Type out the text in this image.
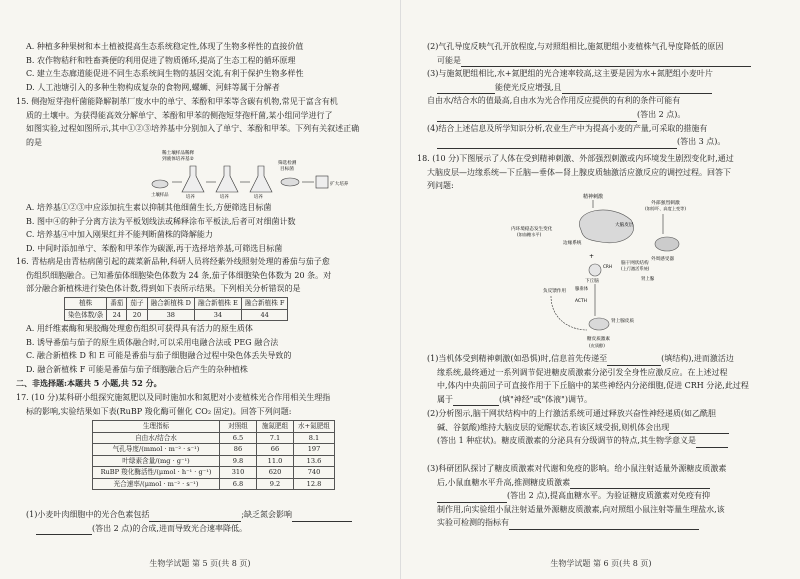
A. 种植多种果树和本土植被提高生态系统稳定性,体现了生物多样性的直接价值

B. 农作物秸秆和牲畜粪便的利用促进了物质循环,提高了生态工程的循环原理

C. 建立生态廊道能促进不同生态系统间生物的基因交流,有利于保护生物多样性

D. 人工池塘引入的多种生物构成复杂的食物网,螺蛳、河蚌等属于分解者

15. 侧孢短芽孢杆菌能降解制革厂废水中的单宁、苯酚和甲苯等含碳有机物,常见于富含有机

质的土壤中。为获得能高效分解单宁、苯酚和甲苯的侧孢短芽孢杆菌,某小组同学进行了

如图实验,过程如图所示,其中①②③培养基中分别加入了单宁、苯酚和甲苯。下列有关叙述正确

的是

稀土壤样品稀释
到液体培养基②
土壤样品	培养	培养	培养
筛选检测
目标菌
扩大培养

A. 培养基①②③中应添加抗生素以抑制其他细菌生长,方便筛选目标菌

B. 图中④的种子分离方法为平板划线法或稀释涂布平板法,后者可对细菌计数

C. 培养基④中加入刚果红并不能判断菌株的降解能力

D. 中间时添加单宁、苯酚和甲苯作为碳源,再于选择培养基,可筛选目标菌

16. 青枯病是由青枯病菌引起的蔬菜新品种,科研人员将经紫外线照射处理的番茄与茄子愈

伤组织细胞融合。已知番茄体细胞染色体数为 24 条,茄子体细胞染色体数为 20 条。对

部分融合新植株进行染色体计数,得到如下表所示结果。下列相关分析错误的是

植株	番茄	茄子	融合新植株 D	融合新植株 E	融合新植株 F
染色体数/条	24	20	38	34	44

A. 用纤维素酶和果胶酶处理愈伤组织可获得具有活力的原生质体

B. 诱导番茄与茄子的原生质体融合时,可以采用电融合法或 PEG 融合法

C. 融合新植株 D 和 E 可能是番茄与茄子细胞融合过程中染色体丢失导致的

D. 融合新植株 F 可能是番茄与茄子细胞融合后产生的杂种植株

二、非选择题:本题共 5 小题,共 52 分。

17. (10 分)某科研小组探究施氮肥以及同时施加水和氮肥对小麦植株光合作用相关生理指

标的影响,实验结果如下表(RuBP 羧化酶可催化 CO₂ 固定)。回答下列问题:

生理指标	对照组	施氮肥组	水+氮肥组
自由水/结合水	6.5	7.1	8.1
气孔导度/(mmol · m⁻² · s⁻¹)	86	66	197
叶绿素含量/(mg · g⁻¹)	9.8	11.0	13.6
RuBP 羧化酶活性/(μmol · h⁻¹ · g⁻¹)	310	620	740
光合速率/(μmol · m⁻² · s⁻¹)	6.8	9.2	12.8

(1)小麦叶肉细胞中的光合色素包括	;缺乏氮会影响

(答出 2 点)的合成,进而导致光合速率降低。

生物学试题 第 5 页(共 8 页)

(2)气孔导度反映气孔开放程度,与对照组相比,施氮肥组小麦植株气孔导度降低的原因

可能是

(3)与施氮肥组相比,水+氮肥组的光合速率较高,这主要是因为水+氮肥组小麦叶片

能使光反应增强,且

自由水/结合水的值最高,自由水为光合作用反应提供的有利的条件可能有

(答出 2 点)。

(4)结合上述信息及所学知识分析,农业生产中为提高小麦的产量,可采取的措施有

(答出 3 点)。

18. (10 分)下图展示了人体在受到精神刺激、外部强烈刺激或内环境发生剧烈变化时,通过

大脑皮层—边缘系统—下丘脑—垂体—肾上腺皮质轴激活应激反应的调控过程。回答下

列问题:

精神刺激
外部强烈刺激
(如惊吓、高度上变等)
大脑皮层
内环境稳态发生变化
(如血糖水平)
边缘系统
外周感受器
+
下丘脑
CRH
脑干网状结构
(上行激活系统)
肾上腺
腺垂体
ACTH
负反馈作用
肾上腺皮质
糖皮质激素
(皮质醇)

(1)当机体受到精神刺激(如恐惧)时,信息首先传递至	(填结构),进而激活边

缘系统,最终通过一系列调节促进糖皮质激素分泌引发全身性应激反应。在上述过程

中,体内中央前回子可直接作用于下丘脑中的某些神经内分泌细胞,促进 CRH 分泌,此过程

属于	(填"神经"或"体液")调节。

(2)分析图示,脑干网状结构中的上行激活系统可通过释放兴奋性神经递质(如乙酰胆

碱、谷氨酸)维持大脑皮层的觉醒状态,若该区域受损,则机体会出现

(答出 1 种症状)。糖皮质激素的分泌具有分级调节的特点,其生物学意义是

(3)科研团队探讨了糖皮质激素对代谢和免疫的影响。给小鼠注射适量外源糖皮质激素

后,小鼠血糖水平升高,推测糖皮质激素

(答出 2 点),提高血糖水平。为验证糖皮质激素对免疫有抑

制作用,向实验组小鼠注射适量外源糖皮质激素,向对照组小鼠注射等量生理盐水,该

实验可检测的指标有

生物学试题 第 6 页(共 8 页)
